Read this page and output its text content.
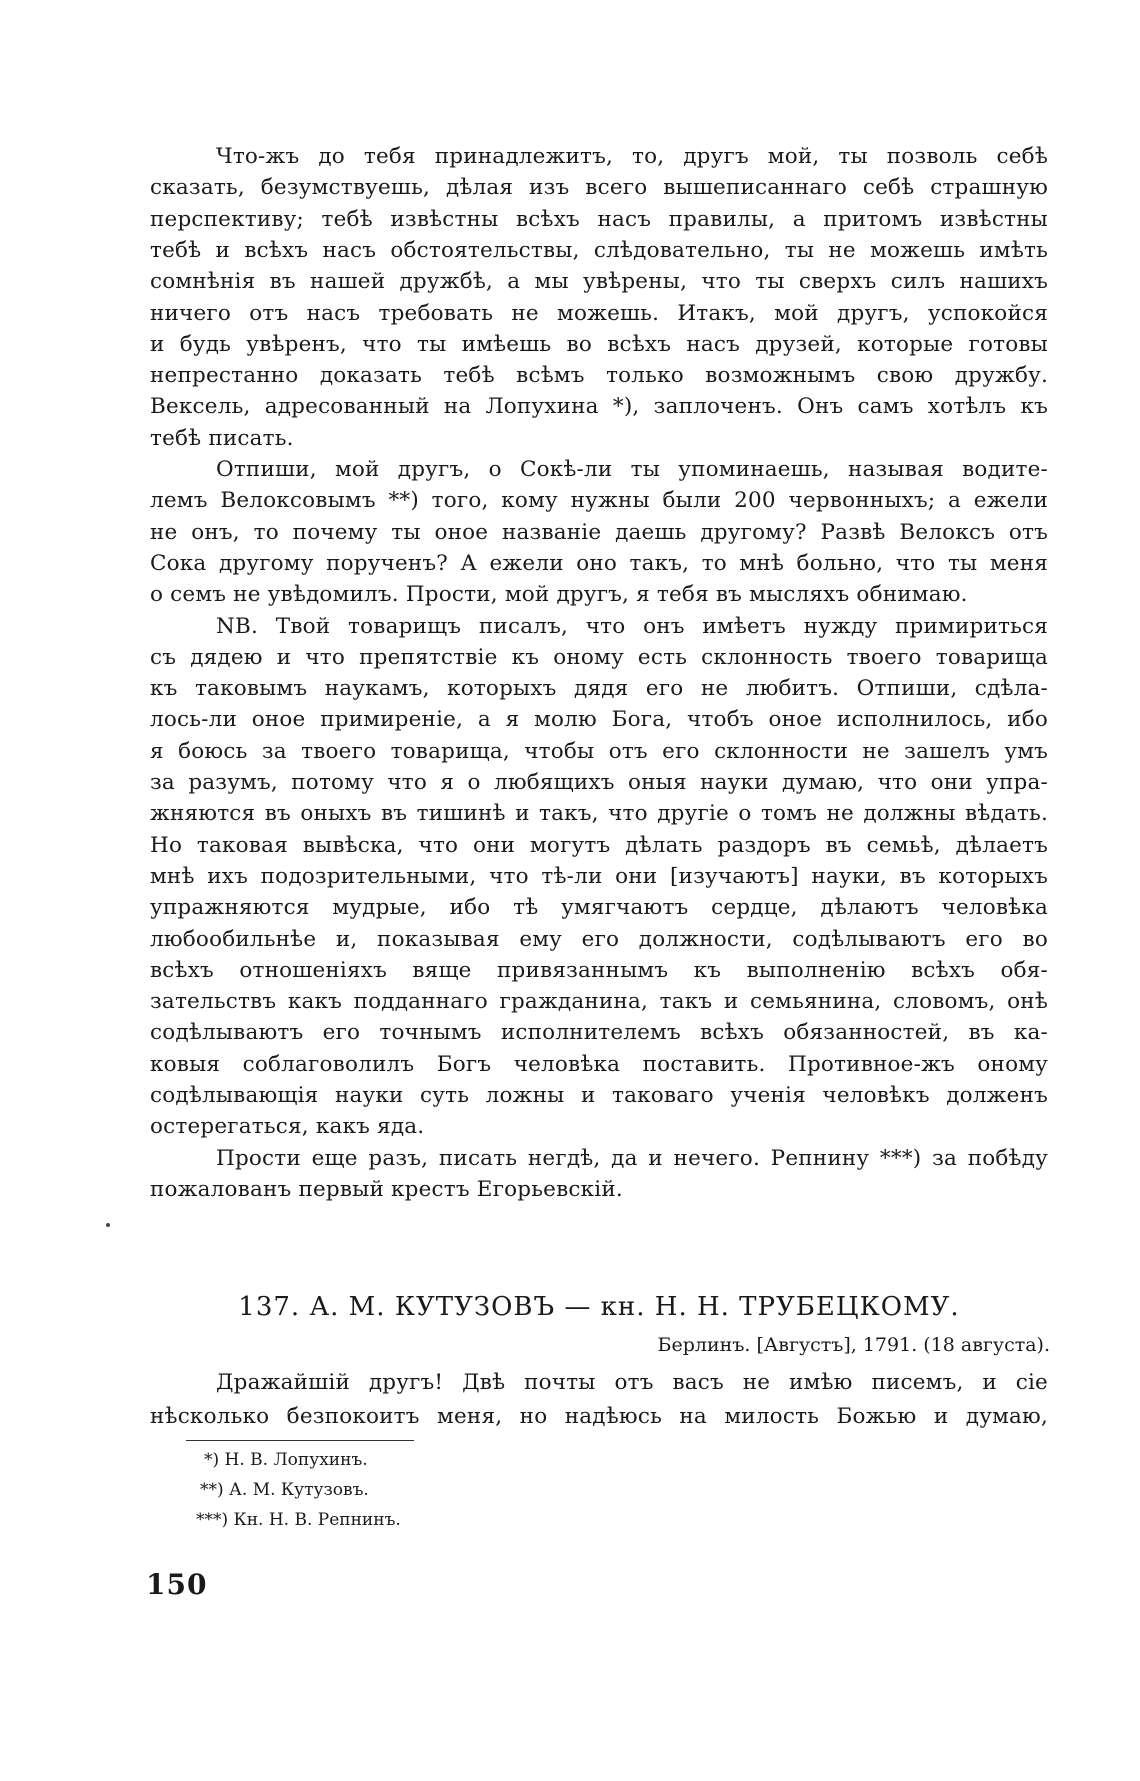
Что-жъ до тебя принадлежитъ, то, другъ мой, ты позволь себѣ
сказать, безумствуешь, дѣлая изъ всего вышеписаннаго себѣ страшную
перспективу; тебѣ извѣстны всѣхъ насъ правилы, а притомъ извѣстны
тебѣ и всѣхъ насъ обстоятельствы, слѣдовательно, ты не можешь имѣть
сомнѣнія въ нашей дружбѣ, а мы увѣрены, что ты сверхъ силъ нашихъ
ничего отъ насъ требовать не можешь. Итакъ, мой другъ, успокойся
и будь увѣренъ, что ты имѣешь во всѣхъ насъ друзей, которые готовы
непрестанно доказать тебѣ всѣмъ только возможнымъ свою дружбу.
Вексель, адресованный на Лопухина *), заплоченъ. Онъ самъ хотѣлъ къ
тебѣ писать.
Отпиши, мой другъ, о Сокѣ-ли ты упоминаешь, называя водите-
лемъ Велоксовымъ **) того, кому нужны были 200 червонныхъ; а ежели
не онъ, то почему ты оное названіе даешь другому? Развѣ Велоксъ отъ
Сока другому порученъ? А ежели оно такъ, то мнѣ больно, что ты меня
о семъ не увѣдомилъ. Прости, мой другъ, я тебя въ мысляхъ обнимаю.
NB. Твой товарищъ писалъ, что онъ имѣетъ нужду примириться
съ дядею и что препятствіе къ оному есть склонность твоего товарища
къ таковымъ наукамъ, которыхъ дядя его не любитъ. Отпиши, сдѣла-
лось-ли оное примиреніе, а я молю Бога, чтобъ оное исполнилось, ибо
я боюсь за твоего товарища, чтобы отъ его склонности не зашелъ умъ
за разумъ, потому что я о любящихъ оныя науки думаю, что они упра-
жняются въ оныхъ въ тишинѣ и такъ, что другіе о томъ не должны вѣдать.
Но таковая вывѣска, что они могутъ дѣлать раздоръ въ семьѣ, дѣлаетъ
мнѣ ихъ подозрительными, что тѣ-ли они [изучаютъ] науки, въ которыхъ
упражняются мудрые, ибо тѣ умягчаютъ сердце, дѣлаютъ человѣка
любообильнѣе и, показывая ему его должности, содѣлываютъ его во
всѣхъ отношеніяхъ вяще привязаннымъ къ выполненію всѣхъ обя-
зательствъ какъ подданнаго гражданина, такъ и семьянина, словомъ, онѣ
содѣлываютъ его точнымъ исполнителемъ всѣхъ обязанностей, въ ка-
ковыя соблаговолилъ Богъ человѣка поставить. Противное-жъ оному
содѣлывающія науки суть ложны и таковаго ученія человѣкъ долженъ
остерегаться, какъ яда.
Прости еще разъ, писать негдѣ, да и нечего. Репнину ***) за побѣду
пожалованъ первый крестъ Егорьевскій.
137. А. М. КУТУЗОВЪ — кн. Н. Н. ТРУБЕЦКОМУ.
Берлинъ. [Августъ], 1791. (18 августа).
Дражайшій другъ! Двѣ почты отъ васъ не имѣю писемъ, и сіе
нѣсколько безпокоитъ меня, но надѣюсь на милость Божью и думаю,
*) Н. В. Лопухинъ.
**) А. М. Кутузовъ.
***) Кн. Н. В. Репнинъ.
150
